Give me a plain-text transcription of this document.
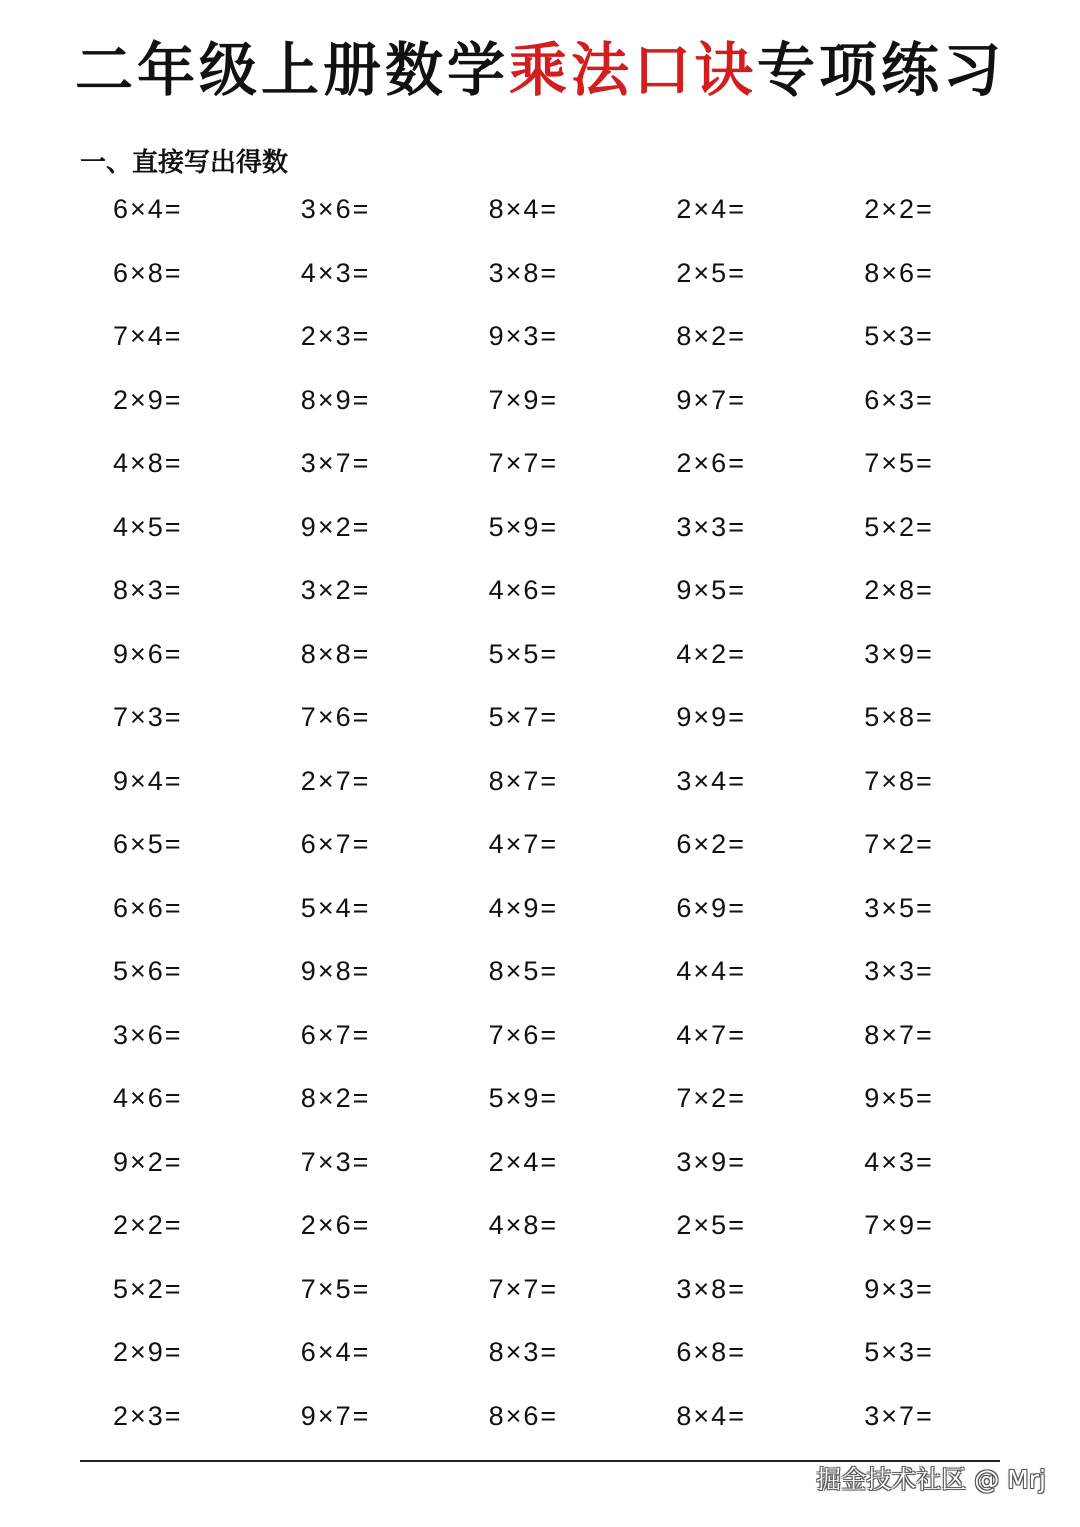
二年级上册数学乘法口诀专项练习
一、直接写出得数
6×4=	3×6=	8×4=	2×4=	2×2=
6×8=	4×3=	3×8=	2×5=	8×6=
7×4=	2×3=	9×3=	8×2=	5×3=
2×9=	8×9=	7×9=	9×7=	6×3=
4×8=	3×7=	7×7=	2×6=	7×5=
4×5=	9×2=	5×9=	3×3=	5×2=
8×3=	3×2=	4×6=	9×5=	2×8=
9×6=	8×8=	5×5=	4×2=	3×9=
7×3=	7×6=	5×7=	9×9=	5×8=
9×4=	2×7=	8×7=	3×4=	7×8=
6×5=	6×7=	4×7=	6×2=	7×2=
6×6=	5×4=	4×9=	6×9=	3×5=
5×6=	9×8=	8×5=	4×4=	3×3=
3×6=	6×7=	7×6=	4×7=	8×7=
4×6=	8×2=	5×9=	7×2=	9×5=
9×2=	7×3=	2×4=	3×9=	4×3=
2×2=	2×6=	4×8=	2×5=	7×9=
5×2=	7×5=	7×7=	3×8=	9×3=
2×9=	6×4=	8×3=	6×8=	5×3=
2×3=	9×7=	8×6=	8×4=	3×7=
掘金技术社区 @ Mrj
